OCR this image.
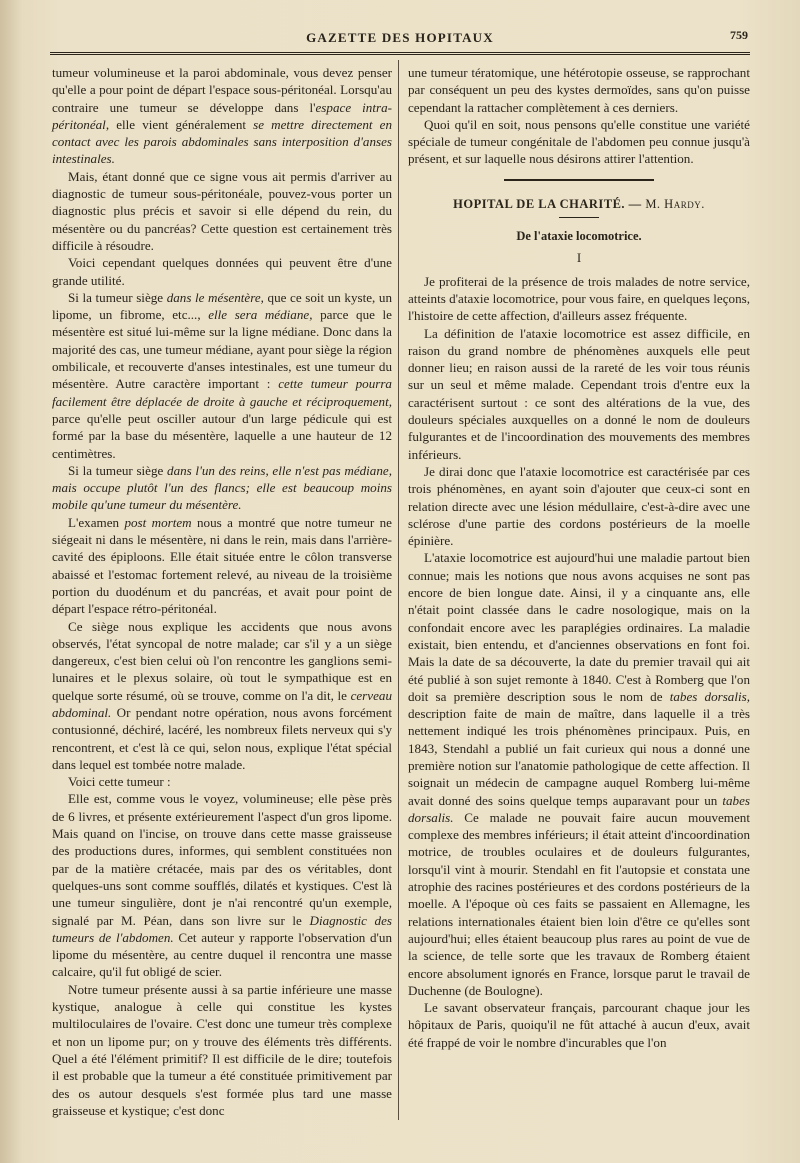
GAZETTE DES HOPITAUX	759

tumeur volumineuse et la paroi abdominale, vous devez penser qu'elle a pour point de départ l'espace sous-péritonéal. Lorsqu'au contraire une tumeur se développe dans l'espace intra-péritonéal, elle vient généralement se mettre directement en contact avec les parois abdominales sans interposition d'anses intestinales.

Mais, étant donné que ce signe vous ait permis d'arriver au diagnostic de tumeur sous-péritonéale, pouvez-vous porter un diagnostic plus précis et savoir si elle dépend du rein, du mésentère ou du pancréas? Cette question est certainement très difficile à résoudre.

Voici cependant quelques données qui peuvent être d'une grande utilité.

Si la tumeur siège dans le mésentère, que ce soit un kyste, un lipome, un fibrome, etc..., elle sera médiane, parce que le mésentère est situé lui-même sur la ligne médiane. Donc dans la majorité des cas, une tumeur médiane, ayant pour siège la région ombilicale, et recouverte d'anses intestinales, est une tumeur du mésentère. Autre caractère important : cette tumeur pourra facilement être déplacée de droite à gauche et réciproquement, parce qu'elle peut osciller autour d'un large pédicule qui est formé par la base du mésentère, laquelle a une hauteur de 12 centimètres.

Si la tumeur siège dans l'un des reins, elle n'est pas médiane, mais occupe plutôt l'un des flancs; elle est beaucoup moins mobile qu'une tumeur du mésentère.

L'examen post mortem nous a montré que notre tumeur ne siégeait ni dans le mésentère, ni dans le rein, mais dans l'arrière-cavité des épiploons. Elle était située entre le côlon transverse abaissé et l'estomac fortement relevé, au niveau de la troisième portion du duodénum et du pancréas, et avait pour point de départ l'espace rétro-péritonéal.

Ce siège nous explique les accidents que nous avons observés, l'état syncopal de notre malade; car s'il y a un siège dangereux, c'est bien celui où l'on rencontre les ganglions semi-lunaires et le plexus solaire, où tout le sympathique est en quelque sorte résumé, où se trouve, comme on l'a dit, le cerveau abdominal. Or pendant notre opération, nous avons forcément contusionné, déchiré, lacéré, les nombreux filets nerveux qui s'y rencontrent, et c'est là ce qui, selon nous, explique l'état spécial dans lequel est tombée notre malade.

Voici cette tumeur :

Elle est, comme vous le voyez, volumineuse; elle pèse près de 6 livres, et présente extérieurement l'aspect d'un gros lipome. Mais quand on l'incise, on trouve dans cette masse graisseuse des productions dures, informes, qui semblent constituées non par de la matière crétacée, mais par des os véritables, dont quelques-uns sont comme soufflés, dilatés et kystiques. C'est là une tumeur singulière, dont je n'ai rencontré qu'un exemple, signalé par M. Péan, dans son livre sur le Diagnostic des tumeurs de l'abdomen. Cet auteur y rapporte l'observation d'un lipome du mésentère, au centre duquel il rencontra une masse calcaire, qu'il fut obligé de scier.

Notre tumeur présente aussi à sa partie inférieure une masse kystique, analogue à celle qui constitue les kystes multiloculaires de l'ovaire. C'est donc une tumeur très complexe et non un lipome pur; on y trouve des éléments très différents. Quel a été l'élément primitif? Il est difficile de le dire; toutefois il est probable que la tumeur a été constituée primitivement par des os autour desquels s'est formée plus tard une masse graisseuse et kystique; c'est donc

une tumeur tératomique, une hétérotopie osseuse, se rapprochant par conséquent un peu des kystes dermoïdes, sans qu'on puisse cependant la rattacher complètement à ces derniers.

Quoi qu'il en soit, nous pensons qu'elle constitue une variété spéciale de tumeur congénitale de l'abdomen peu connue jusqu'à présent, et sur laquelle nous désirons attirer l'attention.

HOPITAL DE LA CHARITÉ. — M. Hardy.
De l'ataxie locomotrice.
I

Je profiterai de la présence de trois malades de notre service, atteints d'ataxie locomotrice, pour vous faire, en quelques leçons, l'histoire de cette affection, d'ailleurs assez fréquente.

La définition de l'ataxie locomotrice est assez difficile, en raison du grand nombre de phénomènes auxquels elle peut donner lieu; en raison aussi de la rareté de les voir tous réunis sur un seul et même malade. Cependant trois d'entre eux la caractérisent surtout : ce sont des altérations de la vue, des douleurs spéciales auxquelles on a donné le nom de douleurs fulgurantes et de l'incoordination des mouvements des membres inférieurs.

Je dirai donc que l'ataxie locomotrice est caractérisée par ces trois phénomènes, en ayant soin d'ajouter que ceux-ci sont en relation directe avec une lésion médullaire, c'est-à-dire avec une sclérose d'une partie des cordons postérieurs de la moelle épinière.

L'ataxie locomotrice est aujourd'hui une maladie partout bien connue; mais les notions que nous avons acquises ne sont pas encore de bien longue date. Ainsi, il y a cinquante ans, elle n'était point classée dans le cadre nosologique, mais on la confondait encore avec les paraplégies ordinaires. La maladie existait, bien entendu, et d'anciennes observations en font foi. Mais la date de sa découverte, la date du premier travail qui ait été publié à son sujet remonte à 1840. C'est à Romberg que l'on doit sa première description sous le nom de tabes dorsalis, description faite de main de maître, dans laquelle il a très nettement indiqué les trois phénomènes principaux. Puis, en 1843, Stendahl a publié un fait curieux qui nous a donné une première notion sur l'anatomie pathologique de cette affection. Il soignait un médecin de campagne auquel Romberg lui-même avait donné des soins quelque temps auparavant pour un tabes dorsalis. Ce malade ne pouvait faire aucun mouvement complexe des membres inférieurs; il était atteint d'incoordination motrice, de troubles oculaires et de douleurs fulgurantes, lorsqu'il vint à mourir. Stendahl en fit l'autopsie et constata une atrophie des racines postérieures et des cordons postérieurs de la moelle. A l'époque où ces faits se passaient en Allemagne, les relations internationales étaient bien loin d'être ce qu'elles sont aujourd'hui; elles étaient beaucoup plus rares au point de vue de la science, de telle sorte que les travaux de Romberg étaient encore absolument ignorés en France, lorsque parut le travail de Duchenne (de Boulogne).

Le savant observateur français, parcourant chaque jour les hôpitaux de Paris, quoiqu'il ne fût attaché à aucun d'eux, avait été frappé de voir le nombre d'incurables que l'on
